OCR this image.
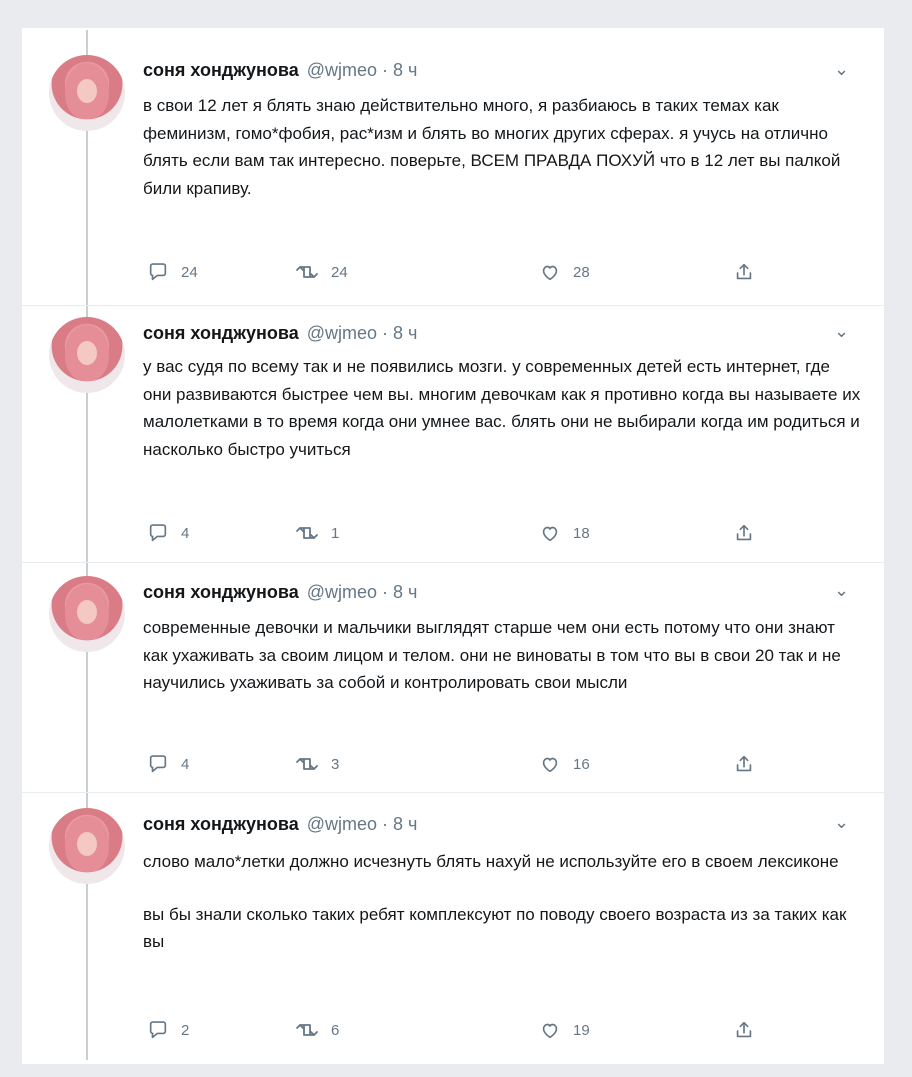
соня хонджунова @wjmeo · 8 ч	⌄
в свои 12 лет я блять знаю действительно много, я разбиаюсь в таких темах как феминизм, гомо*фобия, рас*изм и блять во многих других сферах. я учусь на отлично блять если вам так интересно. поверьте, ВСЕМ ПРАВДА ПОХУЙ что в 12 лет вы палкой били крапиву.
24	24	28
соня хонджунова @wjmeo · 8 ч	⌄
у вас судя по всему так и не появились мозги. у современных детей есть интернет, где они развиваются быстрее чем вы. многим девочкам как я противно когда вы называете их малолетками в то время когда они умнее вас. блять они не выбирали когда им родиться и насколько быстро учиться
4	1	18
соня хонджунова @wjmeo · 8 ч	⌄
современные девочки и мальчики выглядят старше чем они есть потому что они знают как ухаживать за своим лицом и телом. они не виноваты в том что вы в свои 20 так и не научились ухаживать за собой и контролировать свои мысли
4	3	16
соня хонджунова @wjmeo · 8 ч	⌄
слово мало*летки должно исчезнуть блять нахуй не используйте его в своем лексиконе
вы бы знали сколько таких ребят комплексуют по поводу своего возраста из за таких как вы
2	6	19
